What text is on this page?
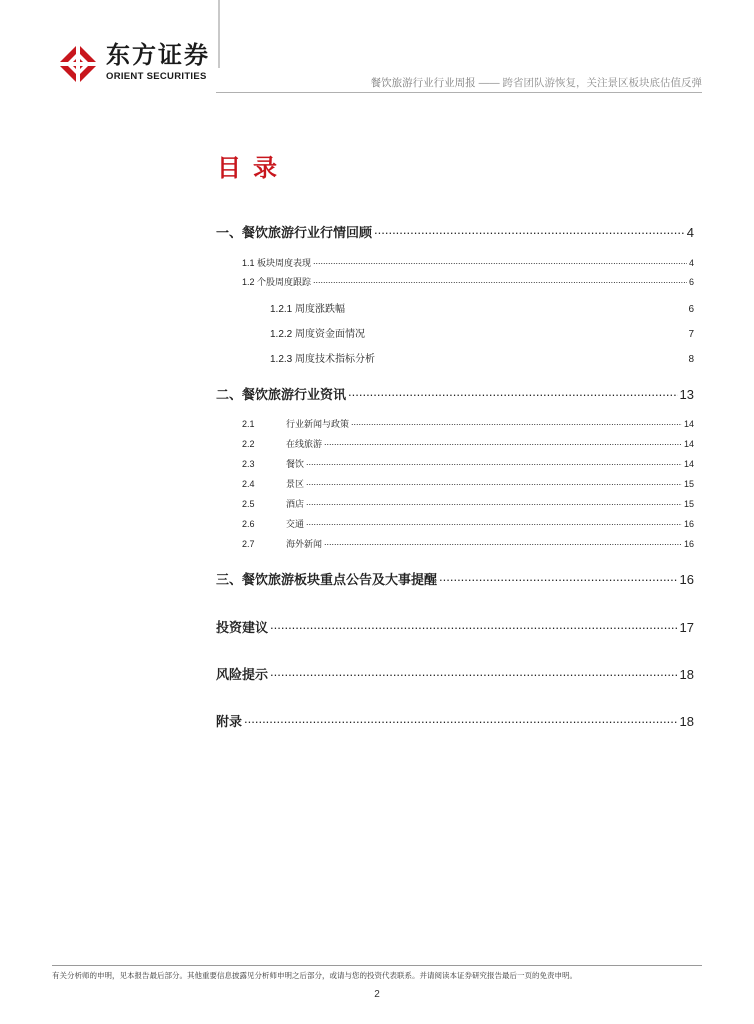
东方证券
ORIENT SECURITIES
餐饮旅游行业行业周报 —— 跨省团队游恢复，关注景区板块底估值反弹
目录
一、餐饮旅游行业行情回顾 .....	4
1.1 板块周度表现 .....	4
1.2 个股周度跟踪 .....	6
1.2.1 周度涨跌幅	6
1.2.2 周度资金面情况	7
1.2.3 周度技术指标分析	8
二、餐饮旅游行业资讯 .....	13
2.1	行业新闻与政策 .....	14
2.2	在线旅游 .....	14
2.3	餐饮 .....	14
2.4	景区 .....	15
2.5	酒店 .....	15
2.6	交通 .....	16
2.7	海外新闻 .....	16
三、餐饮旅游板块重点公告及大事提醒 .....	16
投资建议 .....	17
风险提示 .....	18
附录 .....	18
有关分析师的申明，见本报告最后部分。其他重要信息披露见分析师申明之后部分，或请与您的投资代表联系。并请阅读本证券研究报告最后一页的免责申明。
2
